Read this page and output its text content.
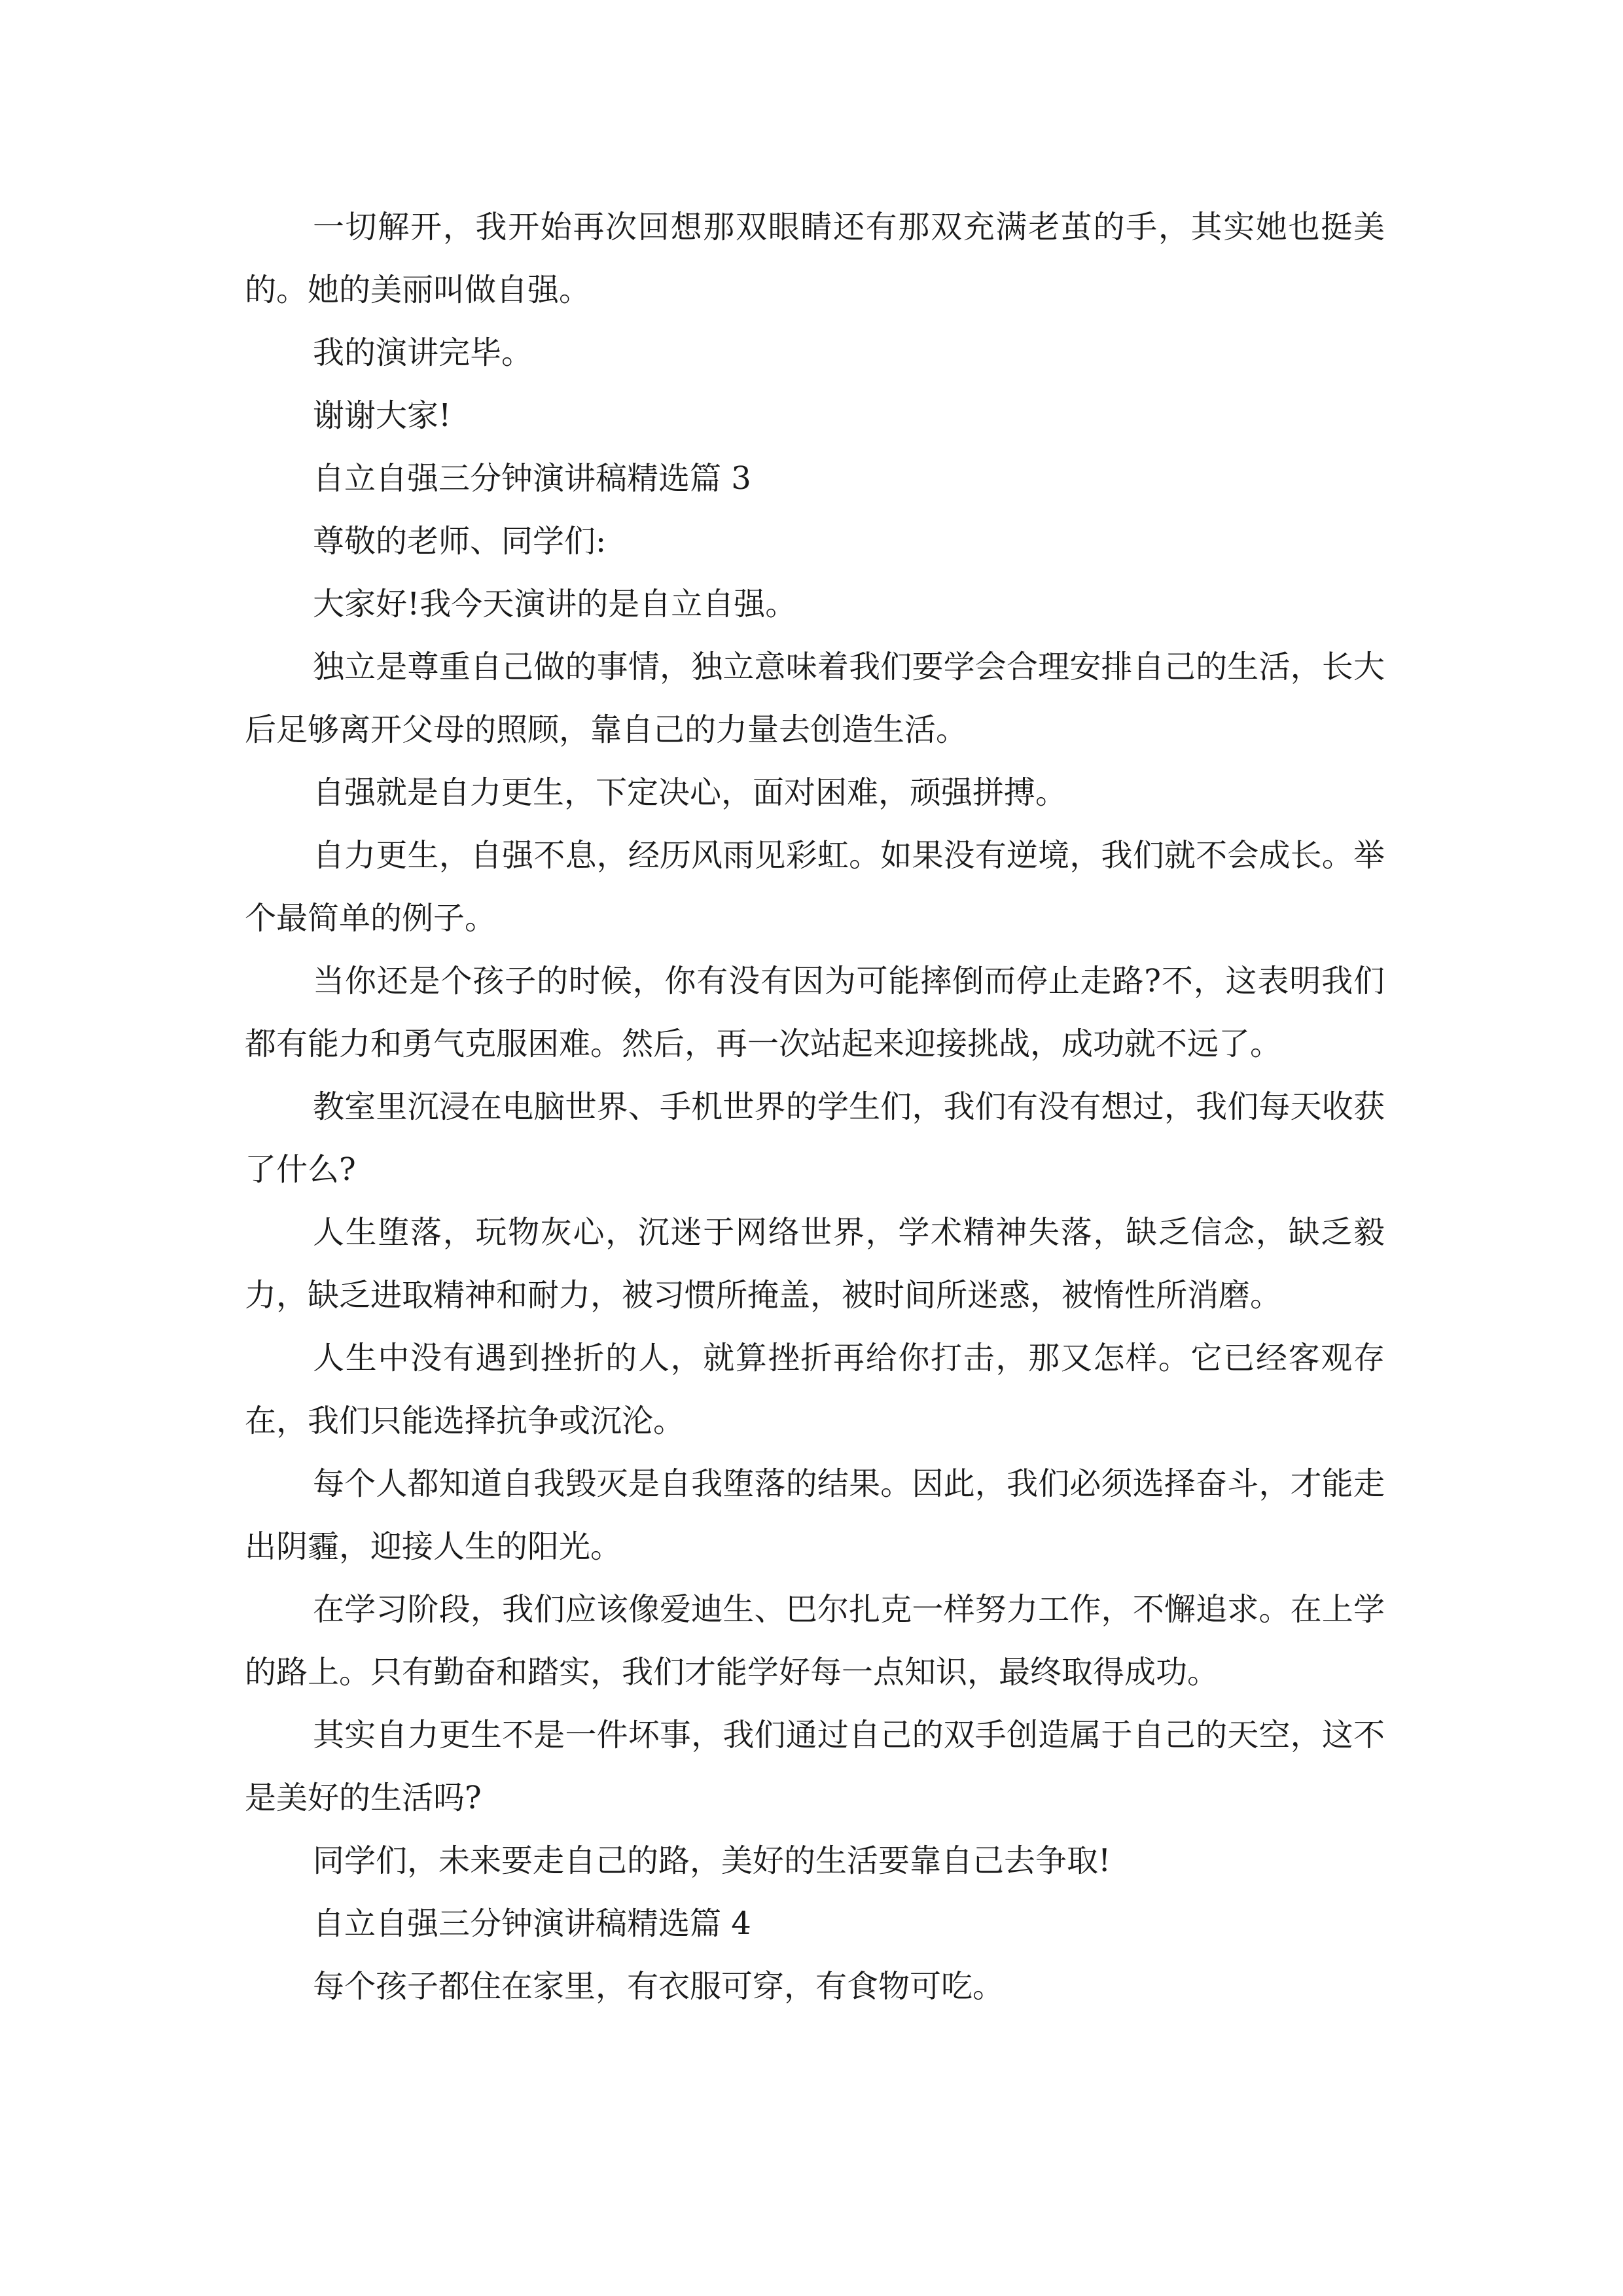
一切解开，我开始再次回想那双眼睛还有那双充满老茧的手，其实她也挺美的。她的美丽叫做自强。

我的演讲完毕。

谢谢大家!

自立自强三分钟演讲稿精选篇 3

尊敬的老师、同学们:

大家好!我今天演讲的是自立自强。

独立是尊重自己做的事情，独立意味着我们要学会合理安排自己的生活，长大后足够离开父母的照顾，靠自己的力量去创造生活。

自强就是自力更生，下定决心，面对困难，顽强拼搏。

自力更生，自强不息，经历风雨见彩虹。如果没有逆境，我们就不会成长。举个最简单的例子。

当你还是个孩子的时候，你有没有因为可能摔倒而停止走路?不，这表明我们都有能力和勇气克服困难。然后，再一次站起来迎接挑战，成功就不远了。

教室里沉浸在电脑世界、手机世界的学生们，我们有没有想过，我们每天收获了什么?

人生堕落，玩物灰心，沉迷于网络世界，学术精神失落，缺乏信念，缺乏毅力，缺乏进取精神和耐力，被习惯所掩盖，被时间所迷惑，被惰性所消磨。

人生中没有遇到挫折的人，就算挫折再给你打击，那又怎样。它已经客观存在，我们只能选择抗争或沉沦。

每个人都知道自我毁灭是自我堕落的结果。因此，我们必须选择奋斗，才能走出阴霾，迎接人生的阳光。

在学习阶段，我们应该像爱迪生、巴尔扎克一样努力工作，不懈追求。在上学的路上。只有勤奋和踏实，我们才能学好每一点知识，最终取得成功。

其实自力更生不是一件坏事，我们通过自己的双手创造属于自己的天空，这不是美好的生活吗?

同学们，未来要走自己的路，美好的生活要靠自己去争取!

自立自强三分钟演讲稿精选篇 4

每个孩子都住在家里，有衣服可穿，有食物可吃。
